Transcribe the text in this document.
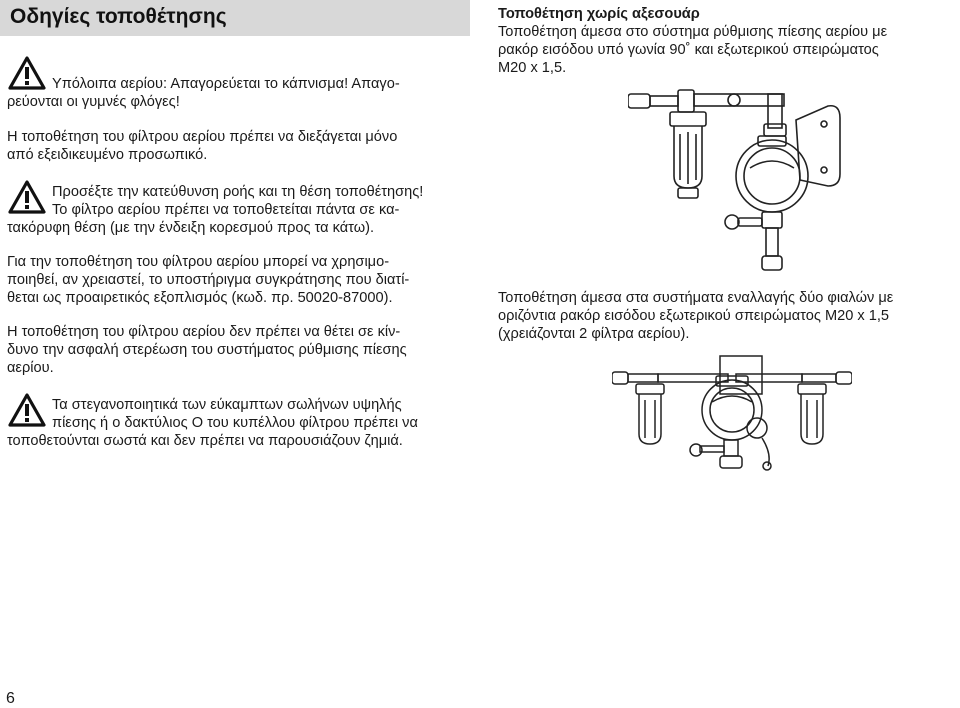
Οδηγίες τοποθέτησης
Υπόλοιπα αερίου: Απαγορεύεται το κάπνισμα! Απαγο-
ρεύονται οι γυμνές φλόγες!
Η τοποθέτηση του φίλτρου αερίου πρέπει να διεξάγεται μόνο
από εξειδικευμένο προσωπικό.
Προσέξτε την κατεύθυνση ροής και τη θέση τοποθέτησης!
Το φίλτρο αερίου πρέπει να τοποθετείται πάντα σε κα-
τακόρυφη θέση (με την ένδειξη κορεσμού προς τα κάτω).
Για την τοποθέτηση του φίλτρου αερίου μπορεί να χρησιμο-
ποιηθεί, αν χρειαστεί, το υποστήριγμα συγκράτησης που διατί-
θεται ως προαιρετικός εξοπλισμός (κωδ. πρ. 50020-87000).
Η τοποθέτηση του φίλτρου αερίου δεν πρέπει να θέτει σε κίν-
δυνο την ασφαλή στερέωση του συστήματος ρύθμισης πίεσης
αερίου.
Τα στεγανοποιητικά των εύκαμπτων σωλήνων υψηλής
πίεσης ή ο δακτύλιος O του κυπέλλου φίλτρου πρέπει να
τοποθετούνται σωστά και δεν πρέπει να παρουσιάζουν ζημιά.
6
Τοποθέτηση χωρίς αξεσουάρ
Τοποθέτηση άμεσα στο σύστημα ρύθμισης πίεσης αερίου με
ρακόρ εισόδου υπό γωνία 90˚ και εξωτερικού σπειρώματος
M20 x 1,5.
Τοποθέτηση άμεσα στα συστήματα εναλλαγής δύο φιαλών με
οριζόντια ρακόρ εισόδου εξωτερικού σπειρώματος M20 x 1,5
(χρειάζονται 2 φίλτρα αερίου).
